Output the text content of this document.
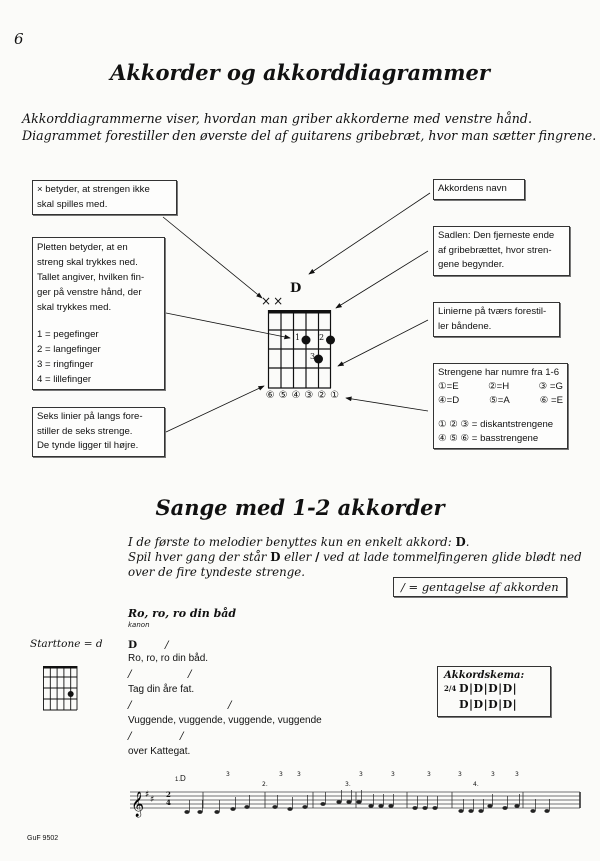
6
Akkorder og akkorddiagrammer
Akkorddiagrammerne viser, hvordan man griber akkorderne med venstre hånd.
Diagrammet forestiller den øverste del af guitarens gribebræt, hvor man sætter fingrene.
× betyder, at strengen ikke
skal spilles med.
Pletten betyder, at en
streng skal trykkes ned.
Tallet angiver, hvilken fin-
ger på venstre hånd, der
skal trykkes med.
1 = pegefinger
2 = langefinger
3 = ringfinger
4 = lillefinger
Seks linier på langs fore-
stiller de seks strenge.
De tynde ligger til højre.
Akkordens navn
Sadlen: Den fjerneste ende
af gribebrættet, hvor stren-
gene begynder.
Linierne på tværs forestil-
ler båndene.
Strengene har numre fra 1-6
①=E	②=H	③ =G
④=D	⑤=A	⑥ =E
① ② ③ = diskantstrengene
④ ⑤ ⑥ = basstrengene
D
××
1 2
3
⑥ ⑤ ④ ③ ② ①
Sange med 1-2 akkorder
I de første to melodier benyttes kun en enkelt akkord: D.
Spil hver gang der står D eller / ved at lade tommelfingeren glide blødt ned
over de fire tyndeste strenge.
/ = gentagelse af akkorden
Ro, ro, ro din båd
kanon
Starttone = d D	/
Ro, ro, ro din båd.
/	/
Tag din åre fat.
/	/
Vuggende, vuggende, vuggende, vuggende
/	/
over Kattegat.
Akkordskema:
2/4 D|D|D|D|
D|D|D|D|
𝄞 ♯ ♯
2
4
1.D
2.	3.	4.
3	3 3	3	3	3	3	3	3
GuF 9502
